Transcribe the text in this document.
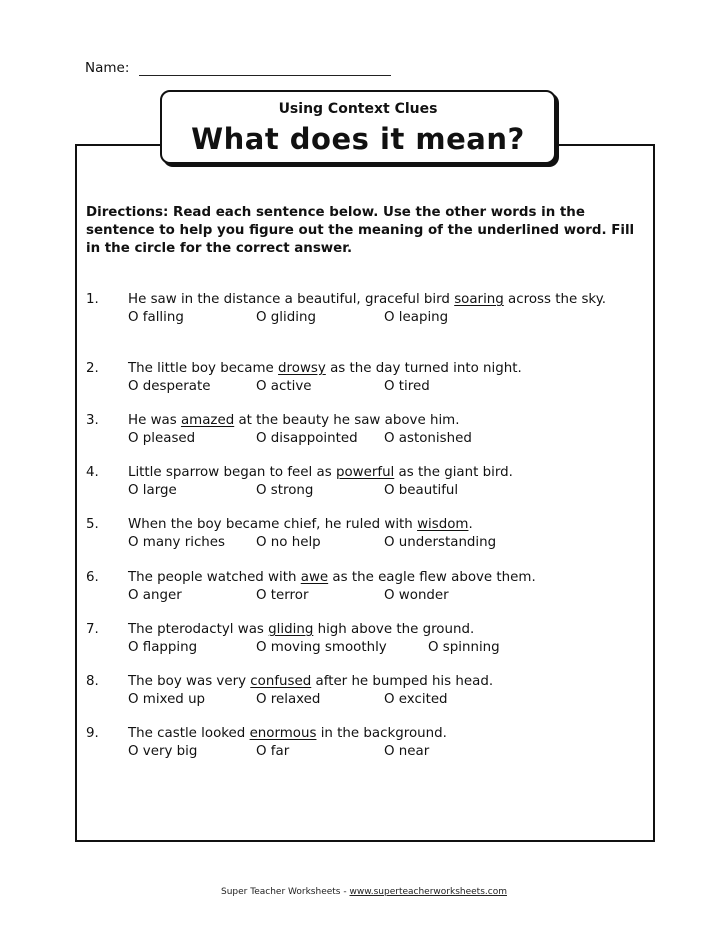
Name:
Using Context Clues
What does it mean?
Directions: Read each sentence below. Use the other words in the sentence to help you figure out the meaning of the underlined word. Fill in the circle for the correct answer.
1. He saw in the distance a beautiful, graceful bird soaring across the sky.
O falling	O gliding	O leaping
2. The little boy became drowsy as the day turned into night.
O desperate	O active	O tired
3. He was amazed at the beauty he saw above him.
O pleased	O disappointed O astonished
4. Little sparrow began to feel as powerful as the giant bird.
O large	O strong	O beautiful
5. When the boy became chief, he ruled with wisdom.
O many riches O no help	O understanding
6. The people watched with awe as the eagle flew above them.
O anger	O terror	O wonder
7. The pterodactyl was gliding high above the ground.
O flapping	O moving smoothly	O spinning
8. The boy was very confused after he bumped his head.
O mixed up	O relaxed	O excited
9. The castle looked enormous in the background.
O very big	O far	O near
Super Teacher Worksheets - www.superteacherworksheets.com
